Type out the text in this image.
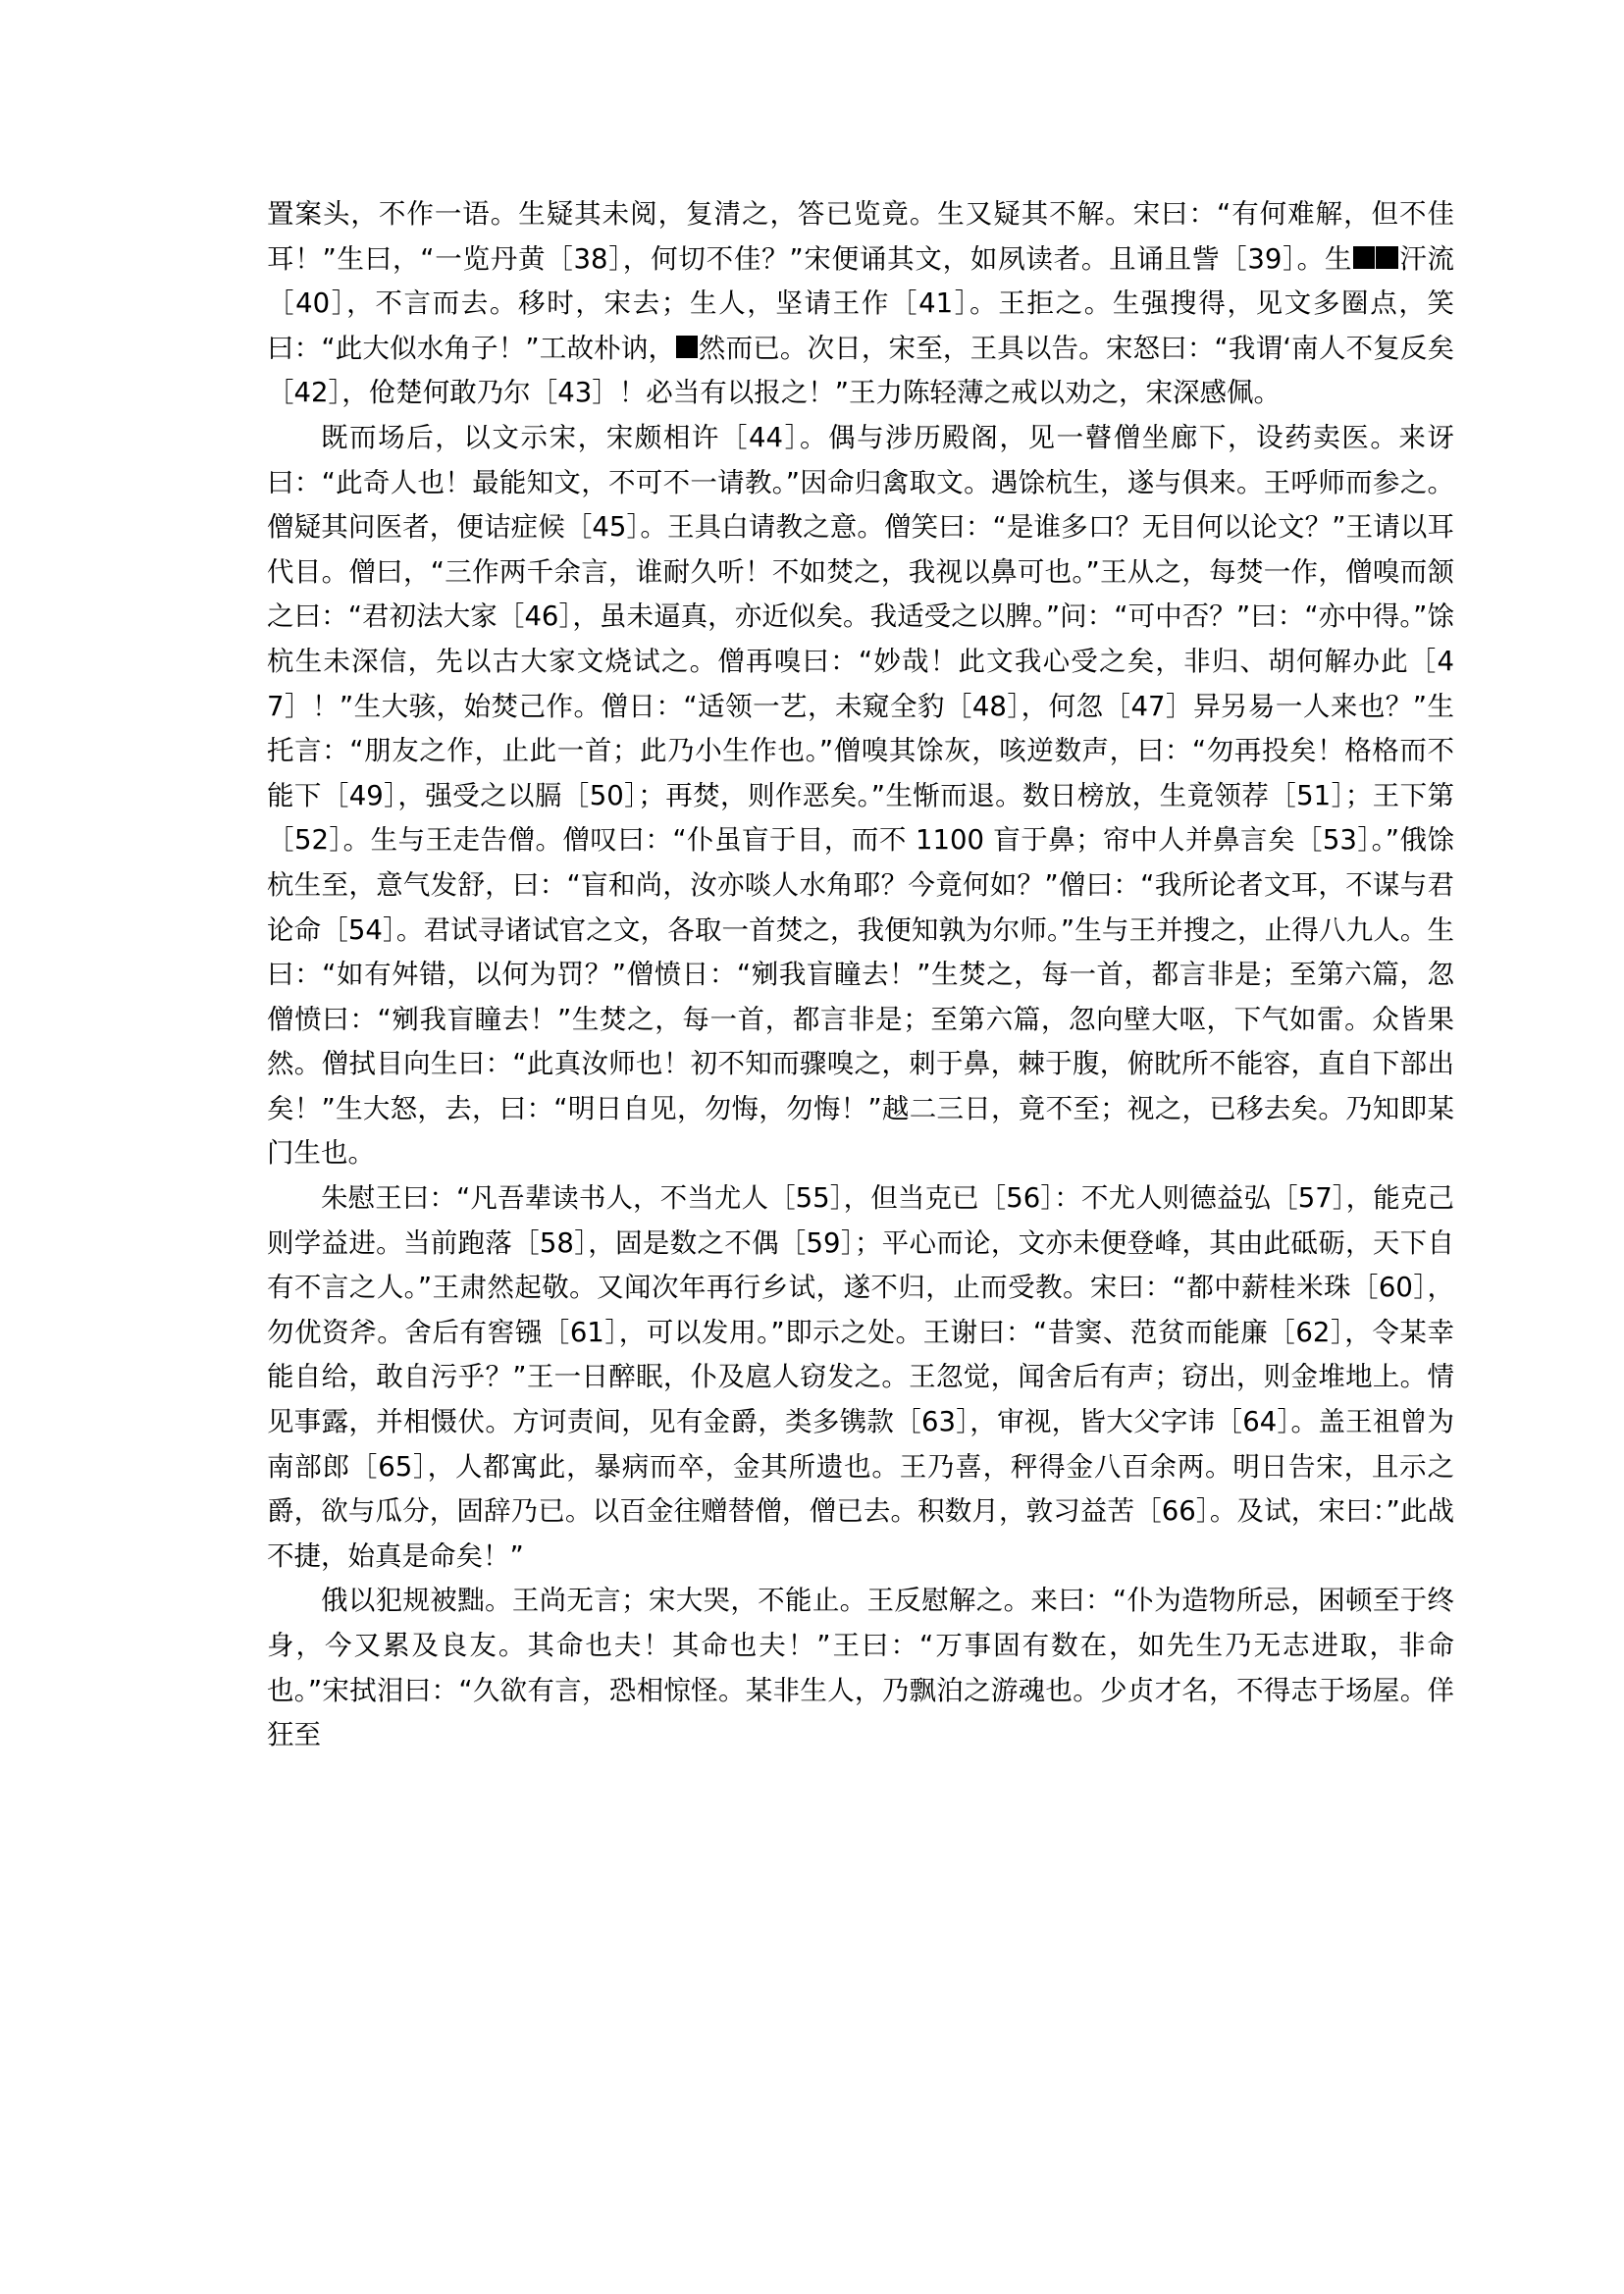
置案头，不作一语。生疑其未阅，复清之，答已览竟。生又疑其不解。宋曰：“有何难解，但不佳耳！”生曰，“一览丹黄［38］，何切不佳？”宋便诵其文，如夙读者。且诵且訾［39］。生 汗流［40］，不言而去。移时，宋去；生人，坚请王作［41］。王拒之。生强搜得，见文多圈点，笑曰：“此大似水角子！”工故朴讷， 然而已。次日，宋至，王具以告。宋怒曰：“我谓‘南人不复反矣［42］，伧楚何敢乃尔［43］！必当有以报之！”王力陈轻薄之戒以劝之，宋深感佩。

既而场后，以文示宋，宋颇相许［44］。偶与涉历殿阁，见一瞽僧坐廊下，设药卖医。来讶曰：“此奇人也！最能知文，不可不一请教。”因命归禽取文。遇馀杭生，遂与俱来。王呼师而参之。僧疑其问医者，便诘症候［45］。王具白请教之意。僧笑曰：“是谁多口？无目何以论文？”王请以耳代目。僧曰，“三作两千余言，谁耐久听！不如焚之，我视以鼻可也。”王从之，每焚一作，僧嗅而颔之曰：“君初法大家［46］，虽未逼真，亦近似矣。我适受之以脾。”问：“可中否？”曰：“亦中得。”馀杭生未深信，先以古大家文烧试之。僧再嗅曰：“妙哉！此文我心受之矣，非归、胡何解办此［47］！”生大骇，始焚己作。僧日：“适领一艺，未窥全豹［48］，何忽［47］异另易一人来也？”生托言：“朋友之作，止此一首；此乃小生作也。”僧嗅其馀灰，咳逆数声，曰：“勿再投矣！格格而不能下［49］，强受之以膈［50］；再焚，则作恶矣。”生惭而退。数日榜放，生竟领荐［51］；王下第［52］。生与王走告僧。僧叹曰：“仆虽盲于目，而不 1100 盲于鼻；帘中人并鼻言矣［53］。”俄馀杭生至，意气发舒，曰：“盲和尚，汝亦啖人水角耶？今竟何如？”僧曰：“我所论者文耳，不谋与君论命［54］。君试寻诸试官之文，各取一首焚之，我便知孰为尔师。”生与王并搜之，止得八九人。生曰：“如有舛错，以何为罚？”僧愤日：“剜我盲瞳去！”生焚之，每一首，都言非是；至第六篇，忽僧愤曰：“剜我盲瞳去！”生焚之，每一首，都言非是；至第六篇，忽向壁大呕，下气如雷。众皆果然。僧拭目向生曰：“此真汝师也！初不知而骤嗅之，刺于鼻，棘于腹，俯眈所不能容，直自下部出矣！”生大怒，去，曰：“明日自见，勿悔，勿悔！”越二三日，竟不至；视之，已移去矣。乃知即某门生也。

朱慰王曰：“凡吾辈读书人，不当尤人［55］，但当克已［56］：不尤人则德益弘［57］，能克己则学益进。当前跑落［58］，固是数之不偶［59］；平心而论，文亦未便登峰，其由此砥砺，天下自有不言之人。”王肃然起敬。又闻次年再行乡试，遂不归，止而受教。宋曰：“都中薪桂米珠［60］，勿优资斧。舍后有窖镪［61］，可以发用。”即示之处。王谢曰：“昔窦、范贫而能廉［62］，令某幸能自给，敢自污乎？”王一日醉眠，仆及扈人窃发之。王忽觉，闻舍后有声；窃出，则金堆地上。情见事露，并相慑伏。方诃责间，见有金爵，类多镌款［63］，审视，皆大父字讳［64］。盖王祖曾为南部郎［65］，人都寓此，暴病而卒，金其所遗也。王乃喜，秤得金八百余两。明日告宋，且示之爵，欲与瓜分，固辞乃已。以百金往赠替僧，僧已去。积数月，敦习益苦［66］。及试，宋曰：”此战不捷，始真是命矣！”

俄以犯规被黜。王尚无言；宋大哭，不能止。王反慰解之。来曰：“仆为造物所忌，困顿至于终身，今又累及良友。其命也夫！其命也夫！”王曰：“万事固有数在，如先生乃无志进取，非命也。”宋拭泪曰：“久欲有言，恐相惊怪。某非生人，乃飘泊之游魂也。少贞才名，不得志于场屋。佯狂至
